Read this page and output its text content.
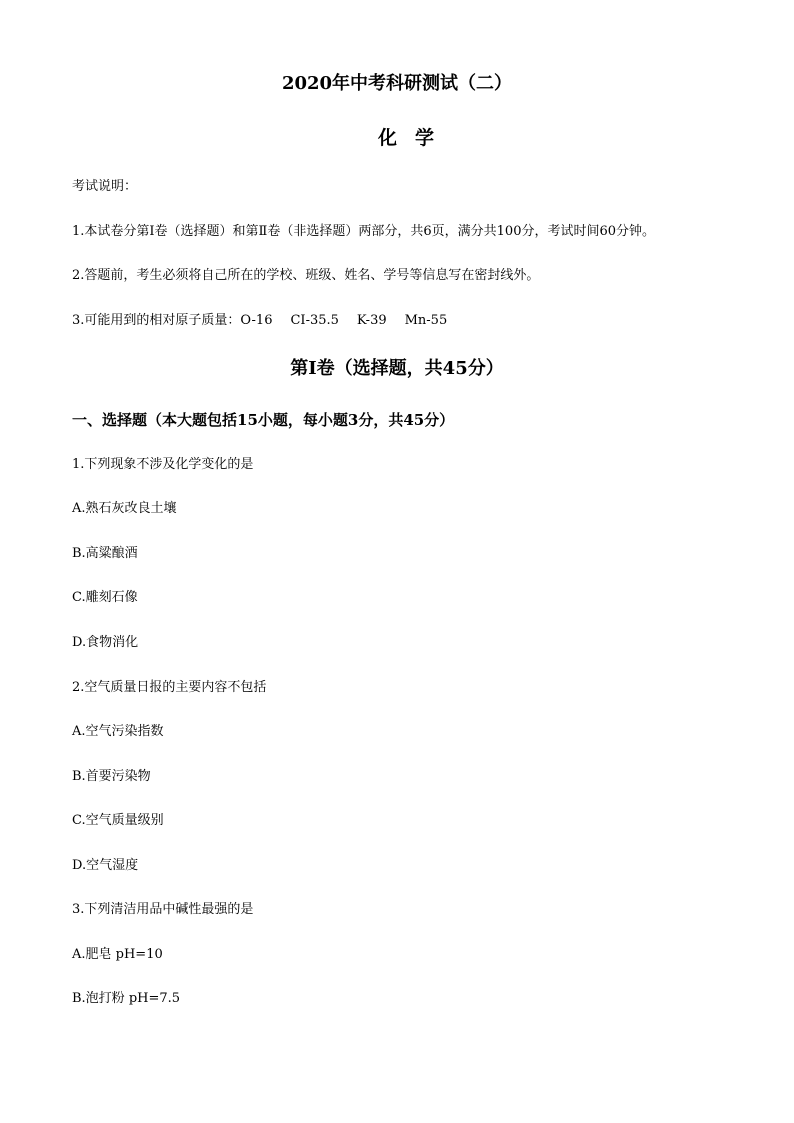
2020年中考科研测试（二）
化学
考试说明：
1.本试卷分第Ⅰ卷（选择题）和第Ⅱ卷（非选择题）两部分，共6页，满分共100分，考试时间60分钟。
2.答题前，考生必须将自己所在的学校、班级、姓名、学号等信息写在密封线外。
3.可能用到的相对原子质量：O-16 CI-35.5 K-39 Mn-55
第Ⅰ卷（选择题，共45分）
一、选择题（本大题包括15小题，每小题3分，共45分）
1.下列现象不涉及化学变化的是
A.熟石灰改良土壤
B.高粱酿酒
C.雕刻石像
D.食物消化
2.空气质量日报的主要内容不包括
A.空气污染指数
B.首要污染物
C.空气质量级别
D.空气湿度
3.下列清洁用品中碱性最强的是
A.肥皂 pH=10
B.泡打粉 pH=7.5
